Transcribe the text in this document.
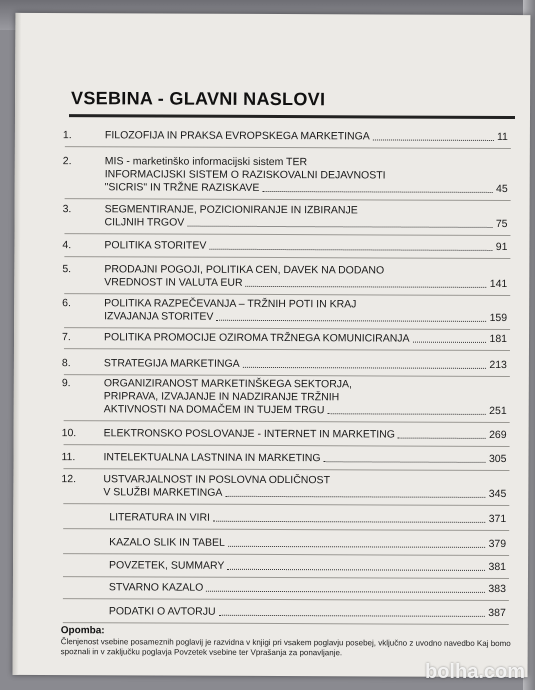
VSEBINA - GLAVNI NASLOVI
1.	FILOZOFIJA IN PRAKSA EVROPSKEGA MARKETINGA	11
2.	MIS - marketinško informacijski sistem TER
INFORMACIJSKI SISTEM O RAZISKOVALNI DEJAVNOSTI
"SICRIS" IN TRŽNE RAZISKAVE	45
3.	SEGMENTIRANJE, POZICIONIRANJE IN IZBIRANJE
CILJNIH TRGOV	75
4.	POLITIKA STORITEV	91
5.	PRODAJNI POGOJI, POLITIKA CEN, DAVEK NA DODANO
VREDNOST IN VALUTA EUR	141
6.	POLITIKA RAZPEČEVANJA – TRŽNIH POTI IN KRAJ
IZVAJANJA STORITEV	159
7.	POLITIKA PROMOCIJE OZIROMA TRŽNEGA KOMUNICIRANJA	181
8.	STRATEGIJA MARKETINGA	213
9.	ORGANIZIRANOST MARKETINŠKEGA SEKTORJA,
PRIPRAVA, IZVAJANJE IN NADZIRANJE TRŽNIH
AKTIVNOSTI NA DOMAČEM IN TUJEM TRGU	251
10.	ELEKTRONSKO POSLOVANJE - INTERNET IN MARKETING	269
11.	INTELEKTUALNA LASTNINA IN MARKETING	305
12.	USTVARJALNOST IN POSLOVNA ODLIČNOST
V SLUŽBI MARKETINGA	345
LITERATURA IN VIRI	371
KAZALO SLIK IN TABEL	379
POVZETEK, SUMMARY	381
STVARNO KAZALO	383
PODATKI O AVTORJU	387
Opomba:
Členjenost vsebine posameznih poglavij je razvidna v knjigi pri vsakem poglavju posebej, vključno z uvodno navedbo Kaj bomo spoznali in v zaključku poglavja Povzetek vsebine ter Vprašanja za ponavljanje.
bolha.com
